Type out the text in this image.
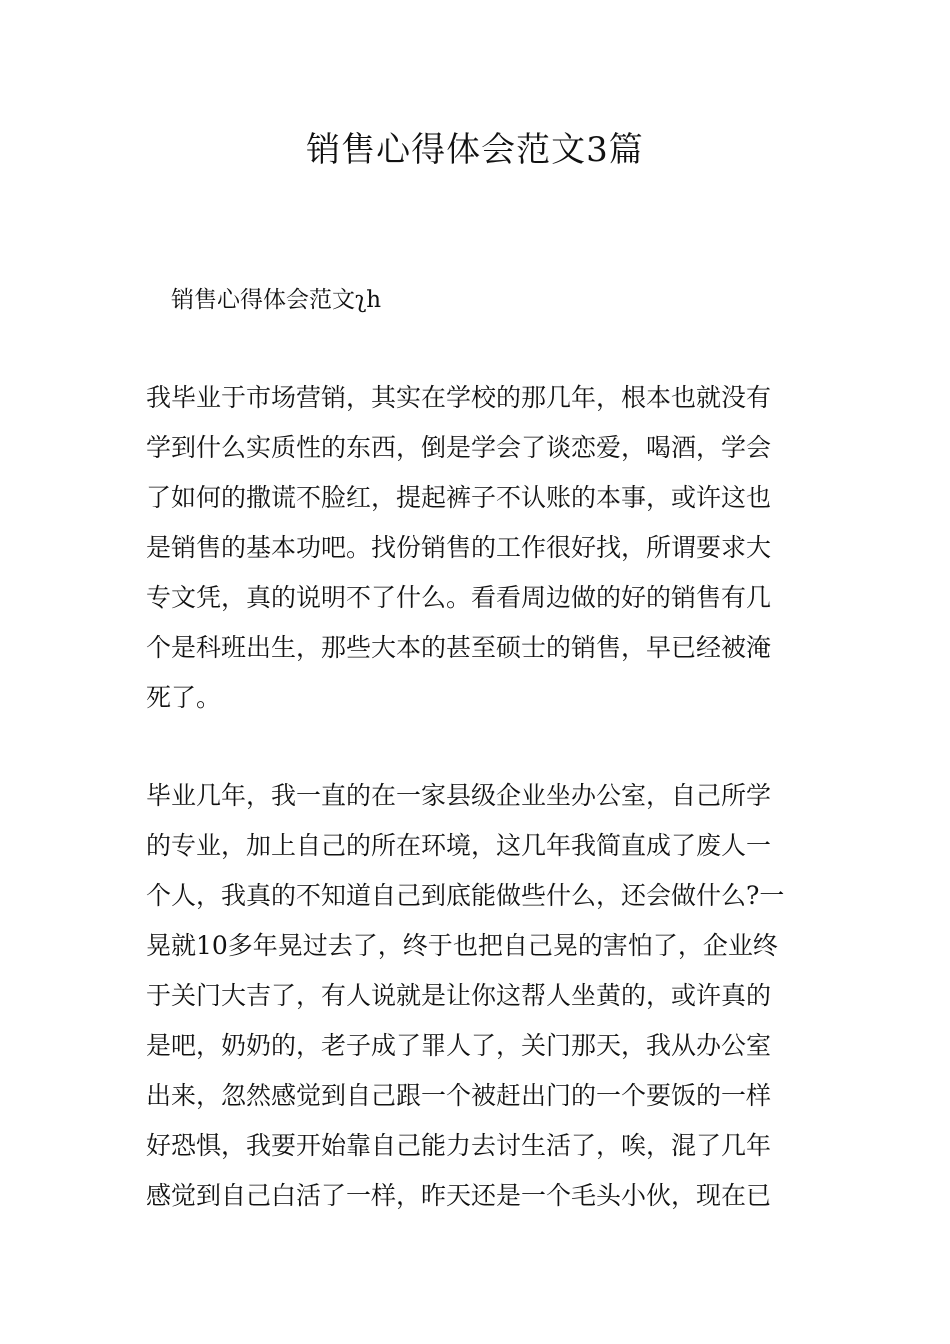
销售心得体会范文3篇

销售心得体会范文ʅh

我毕业于市场营销，其实在学校的那几年，根本也就没有
学到什么实质性的东西，倒是学会了谈恋爱，喝酒，学会
了如何的撒谎不脸红，提起裤子不认账的本事，或许这也
是销售的基本功吧。找份销售的工作很好找，所谓要求大
专文凭，真的说明不了什么。看看周边做的好的销售有几
个是科班出生，那些大本的甚至硕士的销售，早已经被淹
死了。

毕业几年，我一直的在一家县级企业坐办公室，自己所学
的专业，加上自己的所在环境，这几年我简直成了废人一
个人，我真的不知道自己到底能做些什么，还会做什么?一
晃就10多年晃过去了，终于也把自己晃的害怕了，企业终
于关门大吉了，有人说就是让你这帮人坐黄的，或许真的
是吧，奶奶的，老子成了罪人了，关门那天，我从办公室
出来，忽然感觉到自己跟一个被赶出门的一个要饭的一样
好恐惧，我要开始靠自己能力去讨生活了，唉，混了几年
感觉到自己白活了一样，昨天还是一个毛头小伙，现在已
